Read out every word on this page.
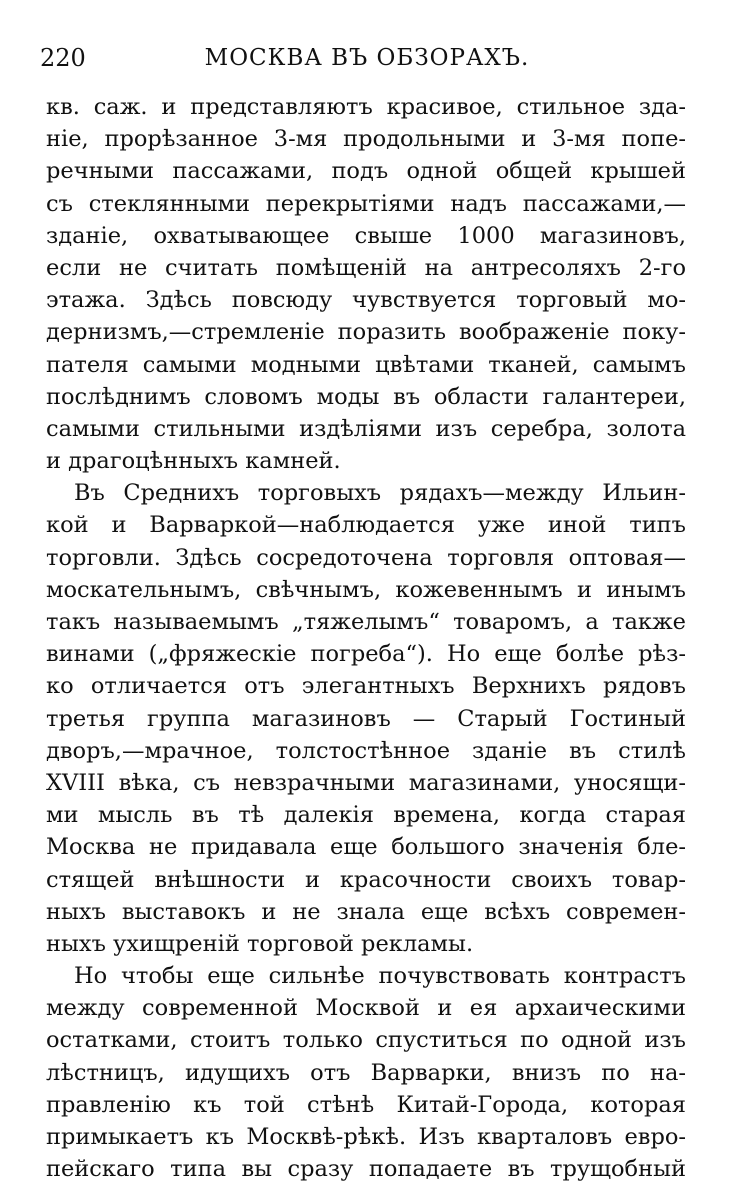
220	МОСКВА ВЪ ОБЗОРАХЪ.
кв. саж. и представляютъ красивое, стильное зда-
ніе, прорѣзанное 3-мя продольными и 3-мя попе-
речными пассажами, подъ одной общей крышей
съ стеклянными перекрытіями надъ пассажами,—
зданіе, охватывающее свыше 1000 магазиновъ,
если не считать помѣщеній на антресоляхъ 2-го
этажа. Здѣсь повсюду чувствуется торговый мо-
дернизмъ,—стремленіе поразить воображеніе поку-
пателя самыми модными цвѣтами тканей, самымъ
послѣднимъ словомъ моды въ области галантереи,
самыми стильными издѣліями изъ серебра, золота
и драгоцѣнныхъ камней.
Въ Среднихъ торговыхъ рядахъ—между Ильин-
кой и Варваркой—наблюдается уже иной типъ
торговли. Здѣсь сосредоточена торговля оптовая—
москательнымъ, свѣчнымъ, кожевеннымъ и инымъ
такъ называемымъ „тяжелымъ“ товаромъ, а также
винами („фряжескіе погреба“). Но еще болѣе рѣз-
ко отличается отъ элегантныхъ Верхнихъ рядовъ
третья группа магазиновъ — Старый Гостиный
дворъ,—мрачное, толстостѣнное зданіе въ стилѣ
XVIII вѣка, съ невзрачными магазинами, уносящи-
ми мысль въ тѣ далекія времена, когда старая
Москва не придавала еще большого значенія бле-
стящей внѣшности и красочности своихъ товар-
ныхъ выставокъ и не знала еще всѣхъ современ-
ныхъ ухищреній торговой рекламы.
Но чтобы еще сильнѣе почувствовать контрастъ
между современной Москвой и ея архаическими
остатками, стоитъ только спуститься по одной изъ
лѣстницъ, идущихъ отъ Варварки, внизъ по на-
правленію къ той стѣнѣ Китай-Города, которая
примыкаетъ къ Москвѣ-рѣкѣ. Изъ кварталовъ евро-
пейскаго типа вы сразу попадаете въ трущобный
